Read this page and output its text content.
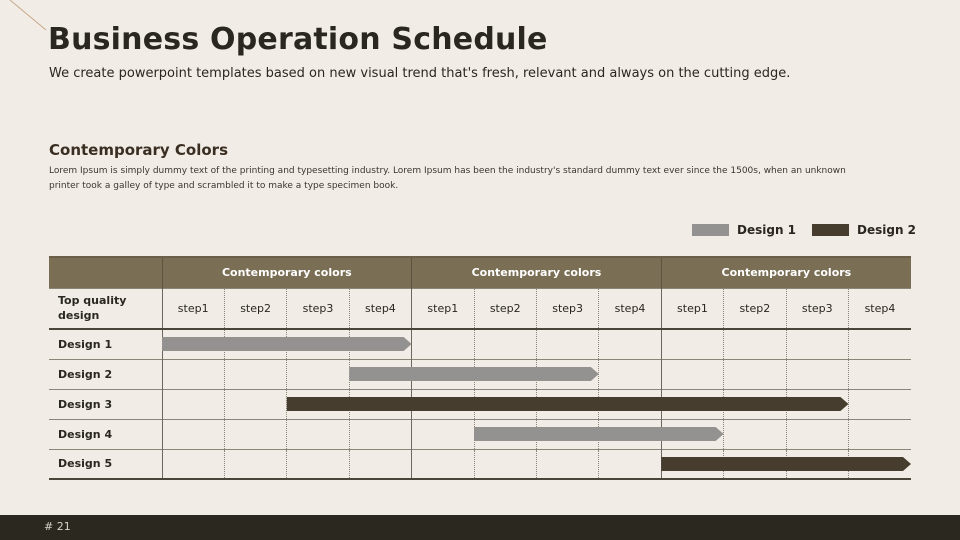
Business Operation Schedule
We create powerpoint templates based on new visual trend that's fresh, relevant and always on the cutting edge.
Contemporary Colors
Lorem Ipsum is simply dummy text of the printing and typesetting industry. Lorem Ipsum has been the industry's standard dummy text ever since the 1500s, when an unknown printer took a galley of type and scrambled it to make a type specimen book.
Design 1	Design 2
	Contemporary colors				Contemporary colors				Contemporary colors			
Top quality design	step1	step2	step3	step4	step1	step2	step3	step4	step1	step2	step3	step4
Design 1												
Design 2												
Design 3												
Design 4												
Design 5												
# 21
